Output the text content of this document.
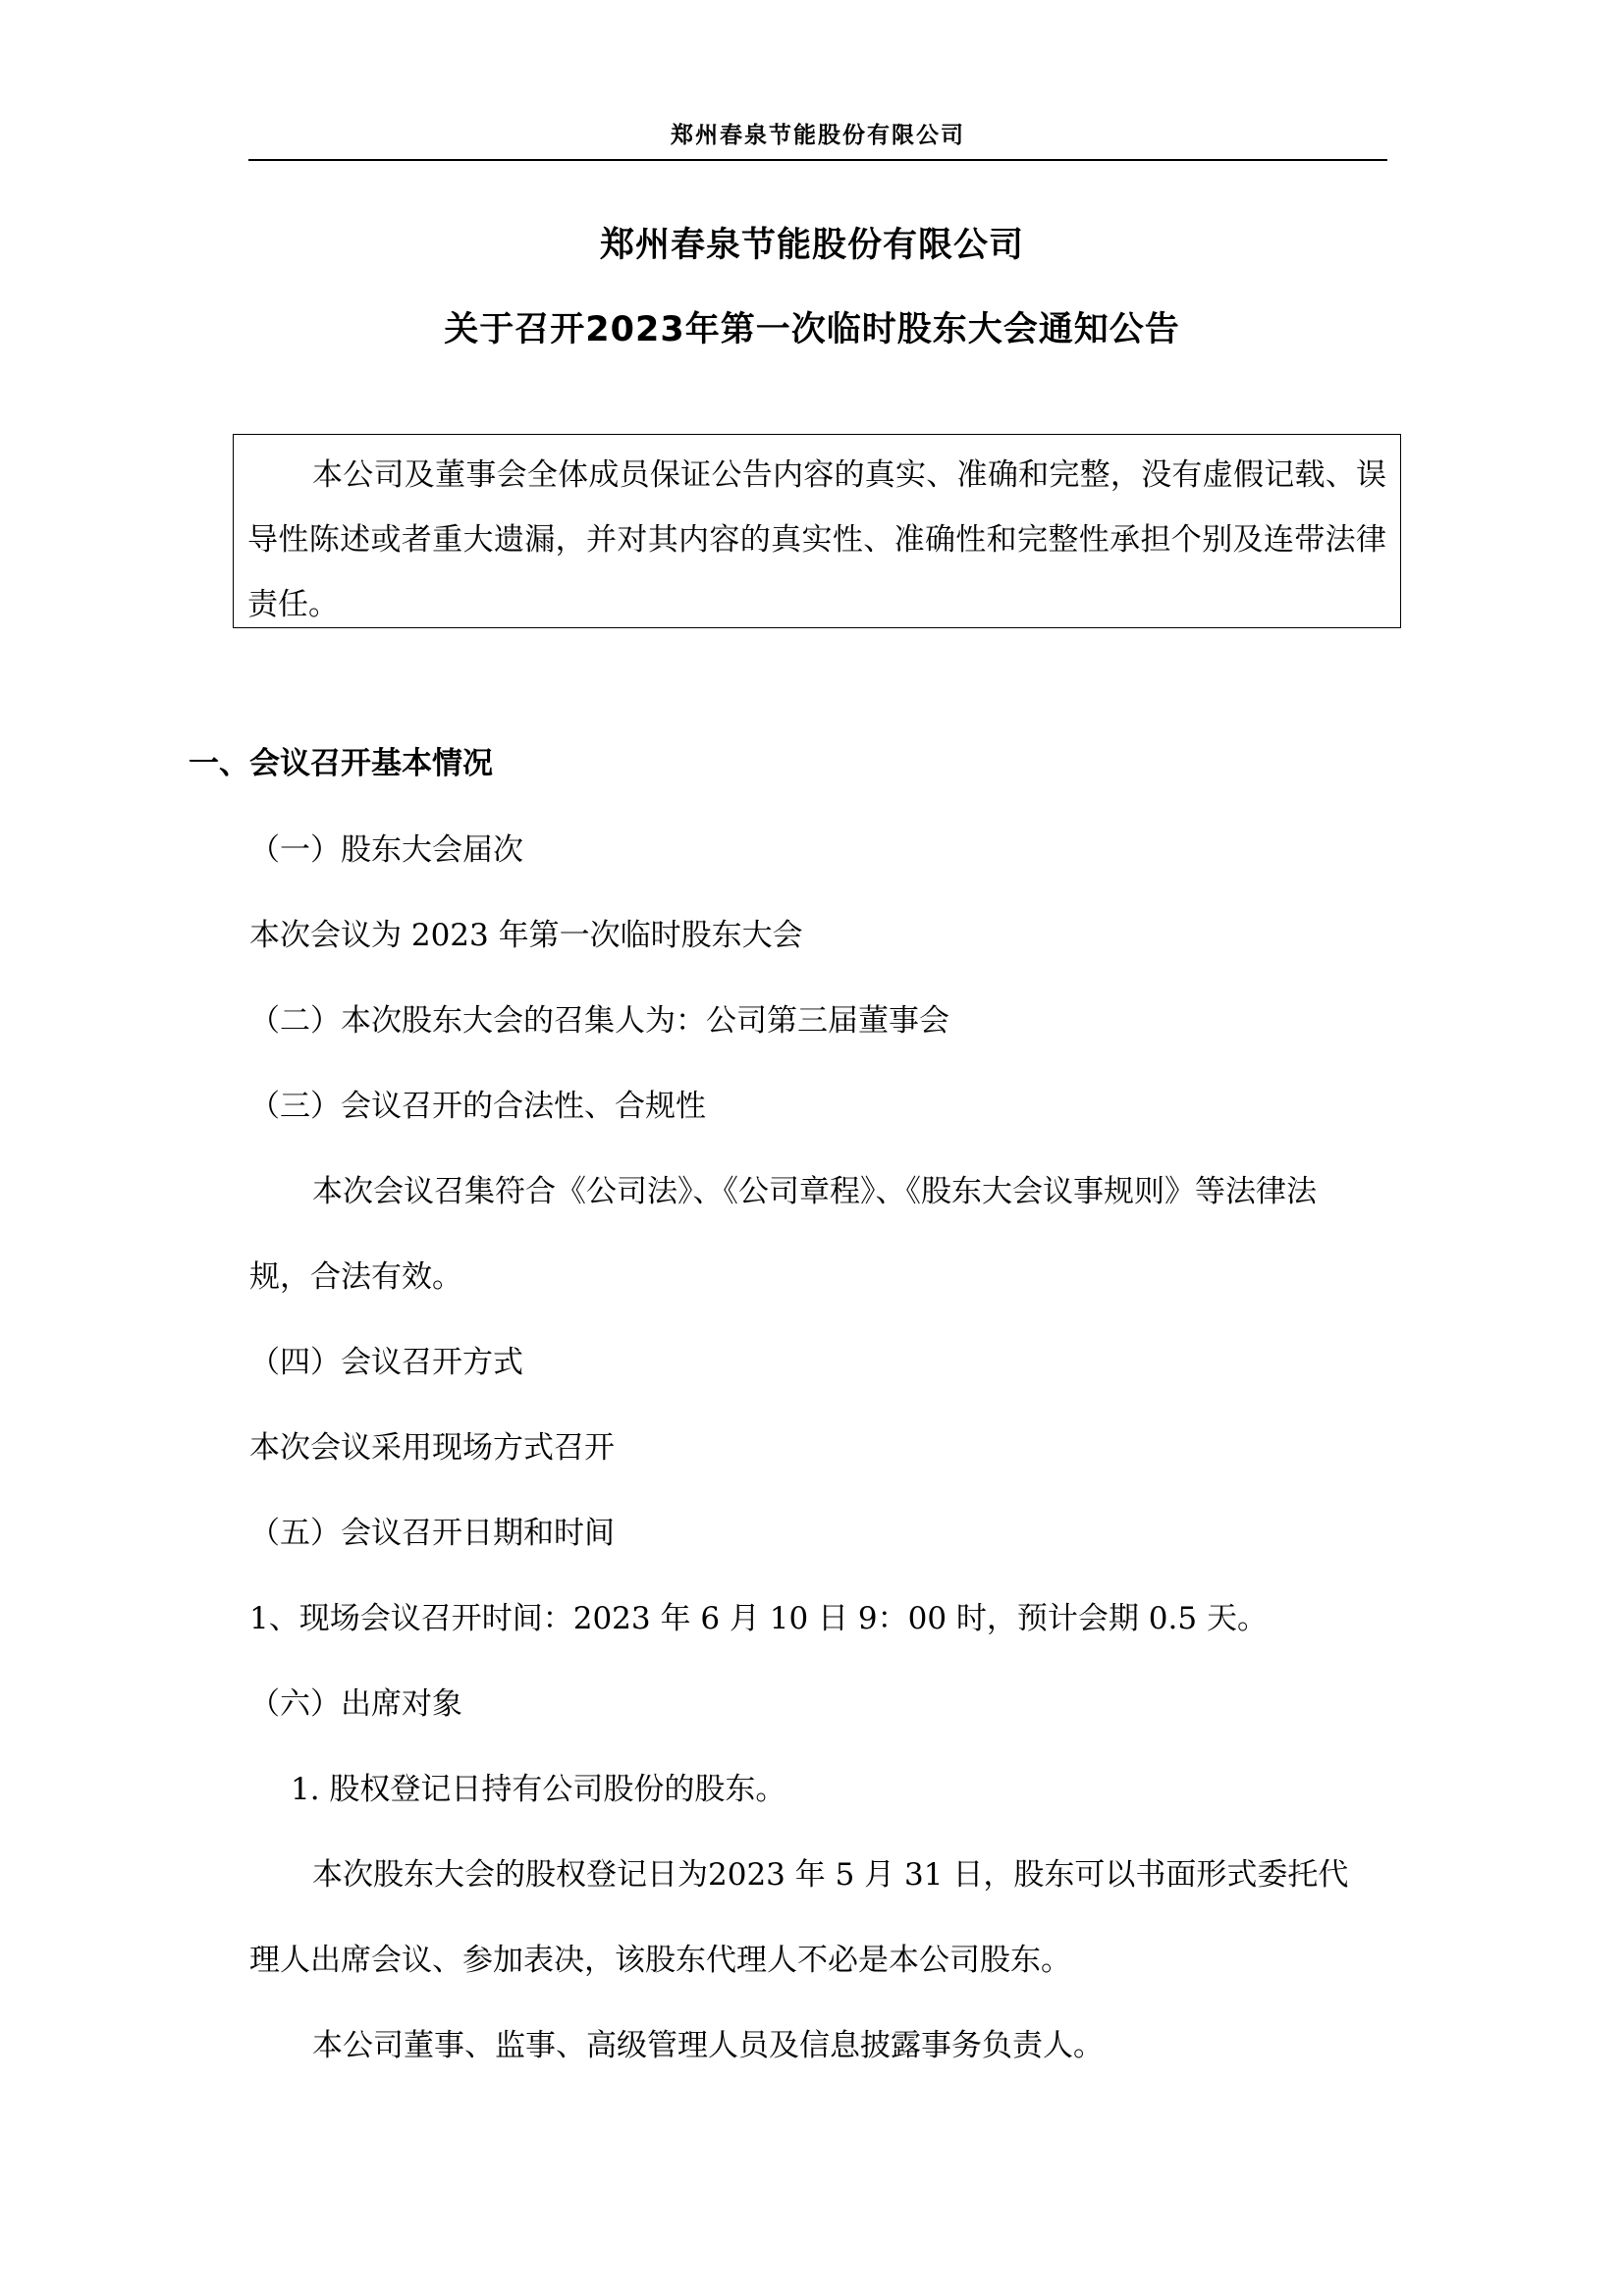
郑州春泉节能股份有限公司
郑州春泉节能股份有限公司
关于召开2023年第一次临时股东大会通知公告

本公司及董事会全体成员保证公告内容的真实、准确和完整，没有虚假记载、误导性陈述或者重大遗漏，并对其内容的真实性、准确性和完整性承担个别及连带法律责任。

一、会议召开基本情况

（一）股东大会届次

本次会议为 2023 年第一次临时股东大会

（二）本次股东大会的召集人为：公司第三届董事会

（三）会议召开的合法性、合规性

本次会议召集符合《公司法》、《公司章程》、《股东大会议事规则》等法律法

规，合法有效。

（四）会议召开方式

本次会议采用现场方式召开

（五）会议召开日期和时间

1、现场会议召开时间：2023 年 6 月 10 日 9：00 时，预计会期 0.5 天。

（六）出席对象

1. 股权登记日持有公司股份的股东。

本次股东大会的股权登记日为2023 年 5 月 31 日，股东可以书面形式委托代

理人出席会议、参加表决，该股东代理人不必是本公司股东。

本公司董事、监事、高级管理人员及信息披露事务负责人。
